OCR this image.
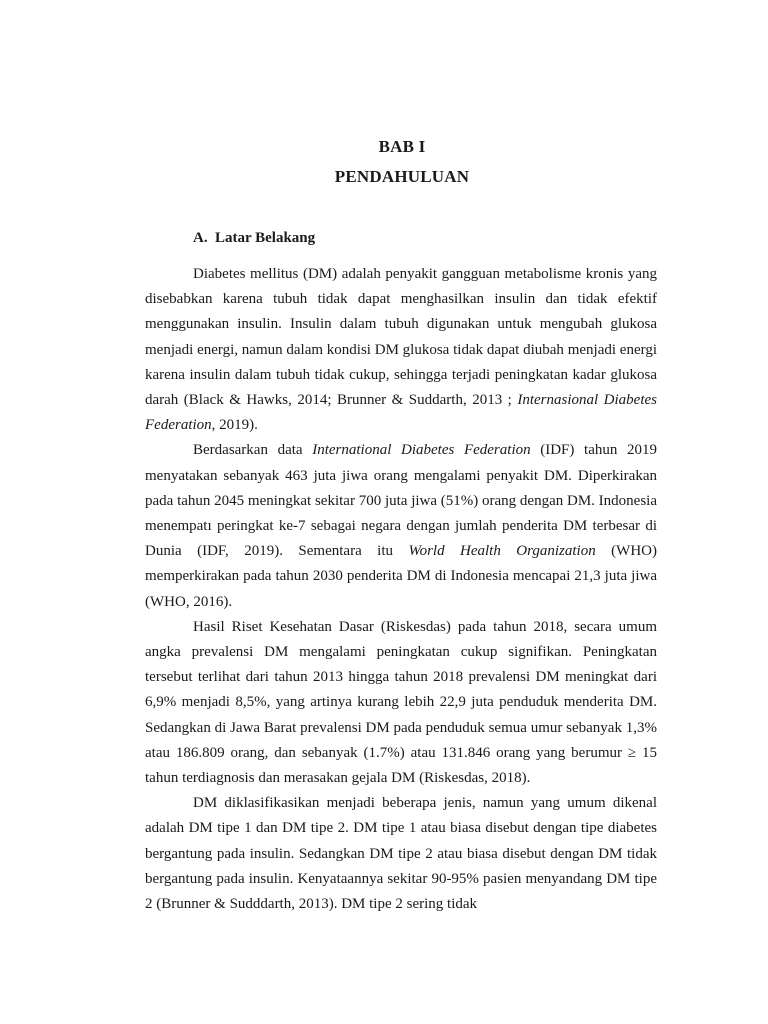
BAB I
PENDAHULUAN
A. Latar Belakang

Diabetes mellitus (DM) adalah penyakit gangguan metabolisme kronis yang disebabkan karena tubuh tidak dapat menghasilkan insulin dan tidak efektif menggunakan insulin. Insulin dalam tubuh digunakan untuk mengubah glukosa menjadi energi, namun dalam kondisi DM glukosa tidak dapat diubah menjadi energi karena insulin dalam tubuh tidak cukup, sehingga terjadi peningkatan kadar glukosa darah (Black & Hawks, 2014; Brunner & Suddarth, 2013 ; Internasional Diabetes Federation, 2019).

Berdasarkan data International Diabetes Federation (IDF) tahun 2019 menyatakan sebanyak 463 juta jiwa orang mengalami penyakit DM. Diperkirakan pada tahun 2045 meningkat sekitar 700 juta jiwa (51%) orang dengan DM. Indonesia menempatı peringkat ke-7 sebagai negara dengan jumlah penderita DM terbesar di Dunia (IDF, 2019). Sementara itu World Health Organization (WHO) memperkirakan pada tahun 2030 penderita DM di Indonesia mencapai 21,3 juta jiwa (WHO, 2016).

Hasil Riset Kesehatan Dasar (Riskesdas) pada tahun 2018, secara umum angka prevalensi DM mengalami peningkatan cukup signifikan. Peningkatan tersebut terlihat dari tahun 2013 hingga tahun 2018 prevalensi DM meningkat dari 6,9% menjadi 8,5%, yang artinya kurang lebih 22,9 juta penduduk menderita DM. Sedangkan di Jawa Barat prevalensi DM pada penduduk semua umur sebanyak 1,3% atau 186.809 orang, dan sebanyak (1.7%) atau 131.846 orang yang berumur ≥ 15 tahun terdiagnosis dan merasakan gejala DM (Riskesdas, 2018).

DM diklasifikasikan menjadi beberapa jenis, namun yang umum dikenal adalah DM tipe 1 dan DM tipe 2. DM tipe 1 atau biasa disebut dengan tipe diabetes bergantung pada insulin. Sedangkan DM tipe 2 atau biasa disebut dengan DM tidak bergantung pada insulin. Kenyataannya sekitar 90-95% pasien menyandang DM tipe 2 (Brunner & Sudddarth, 2013). DM tipe 2 sering tidak
